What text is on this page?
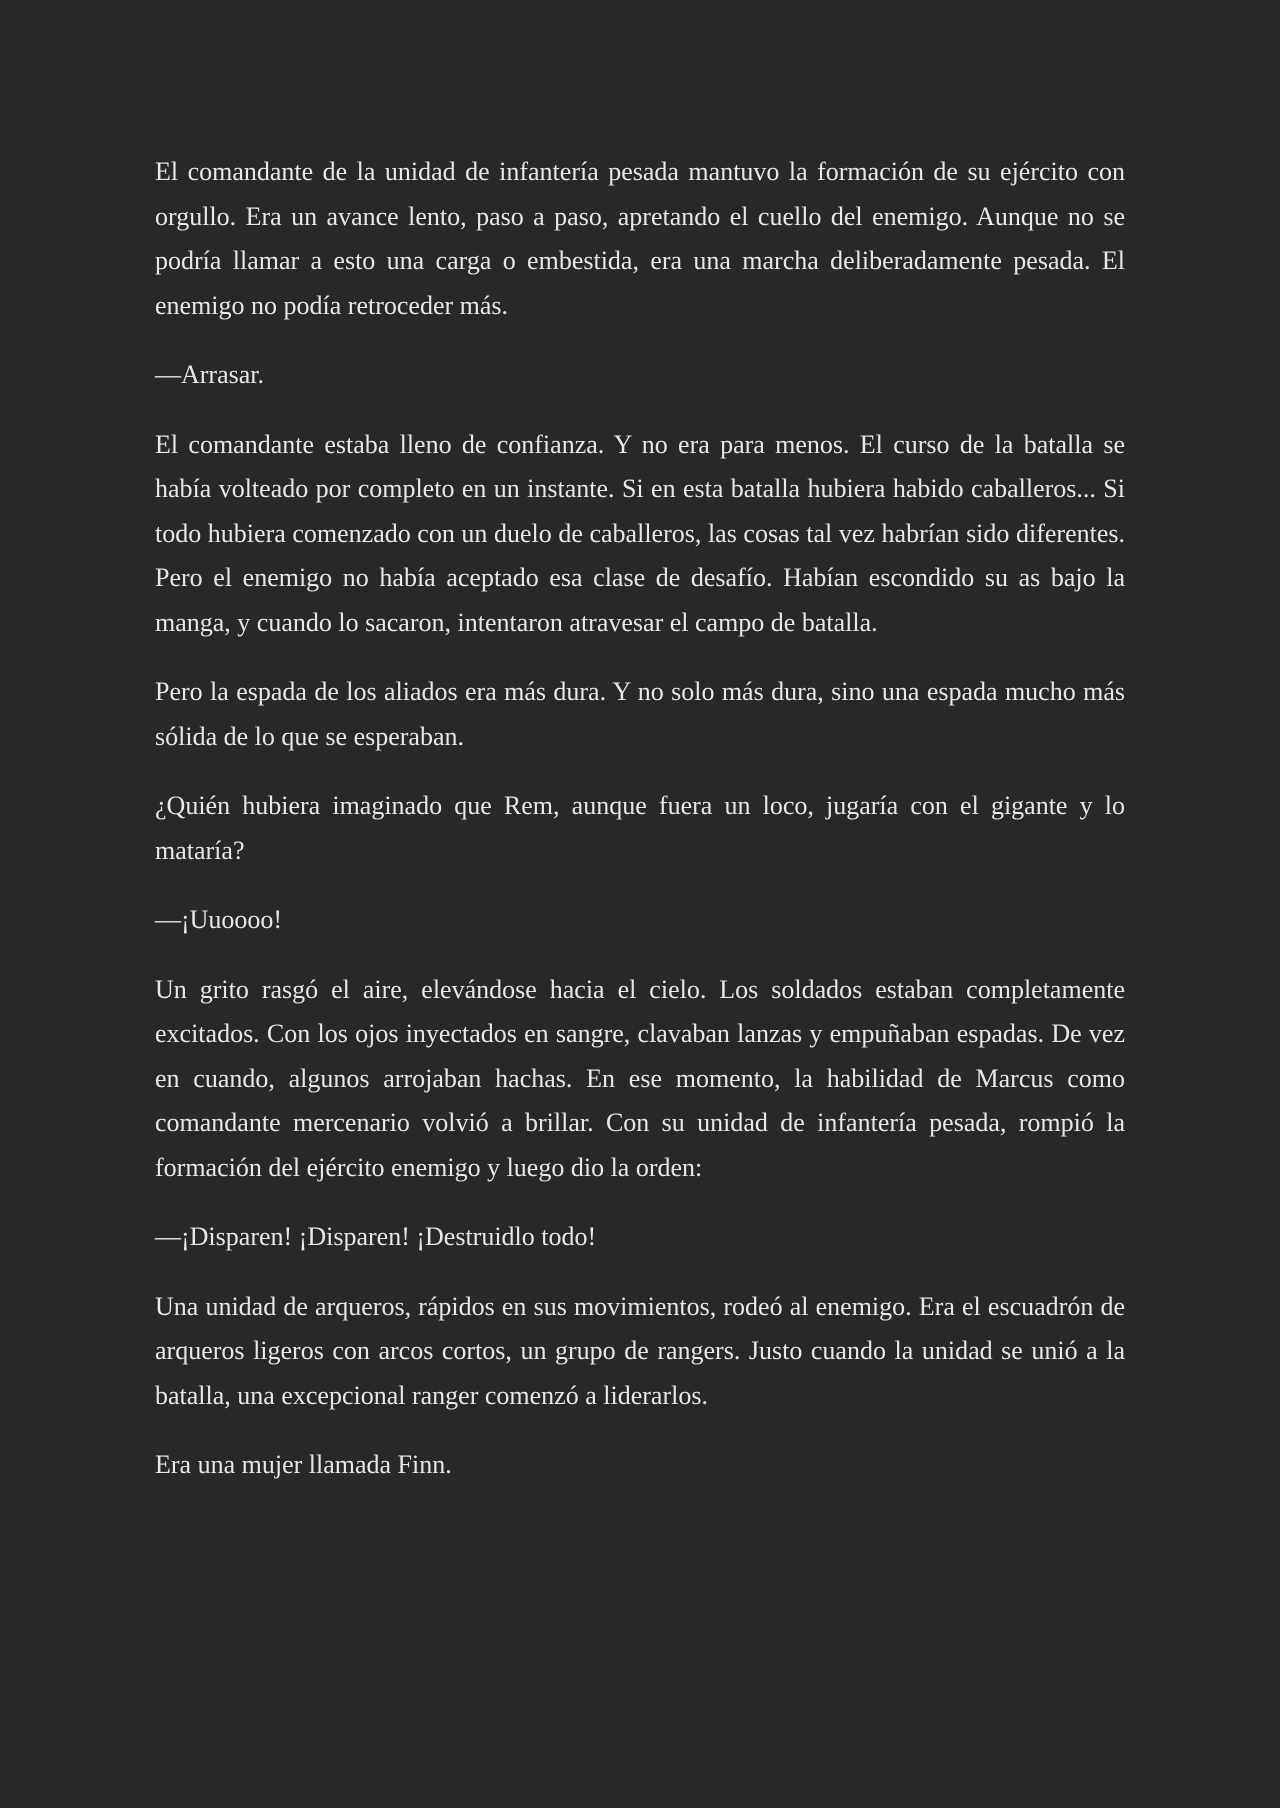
El comandante de la unidad de infantería pesada mantuvo la formación de su ejército con orgullo. Era un avance lento, paso a paso, apretando el cuello del enemigo. Aunque no se podría llamar a esto una carga o embestida, era una marcha deliberadamente pesada. El enemigo no podía retroceder más.

—Arrasar.

El comandante estaba lleno de confianza. Y no era para menos. El curso de la batalla se había volteado por completo en un instante. Si en esta batalla hubiera habido caballeros... Si todo hubiera comenzado con un duelo de caballeros, las cosas tal vez habrían sido diferentes. Pero el enemigo no había aceptado esa clase de desafío. Habían escondido su as bajo la manga, y cuando lo sacaron, intentaron atravesar el campo de batalla.

Pero la espada de los aliados era más dura. Y no solo más dura, sino una espada mucho más sólida de lo que se esperaban.

¿Quién hubiera imaginado que Rem, aunque fuera un loco, jugaría con el gigante y lo mataría?

—¡Uuoooo!

Un grito rasgó el aire, elevándose hacia el cielo. Los soldados estaban completamente excitados. Con los ojos inyectados en sangre, clavaban lanzas y empuñaban espadas. De vez en cuando, algunos arrojaban hachas. En ese momento, la habilidad de Marcus como comandante mercenario volvió a brillar. Con su unidad de infantería pesada, rompió la formación del ejército enemigo y luego dio la orden:

—¡Disparen! ¡Disparen! ¡Destruidlo todo!

Una unidad de arqueros, rápidos en sus movimientos, rodeó al enemigo. Era el escuadrón de arqueros ligeros con arcos cortos, un grupo de rangers. Justo cuando la unidad se unió a la batalla, una excepcional ranger comenzó a liderarlos.

Era una mujer llamada Finn.
